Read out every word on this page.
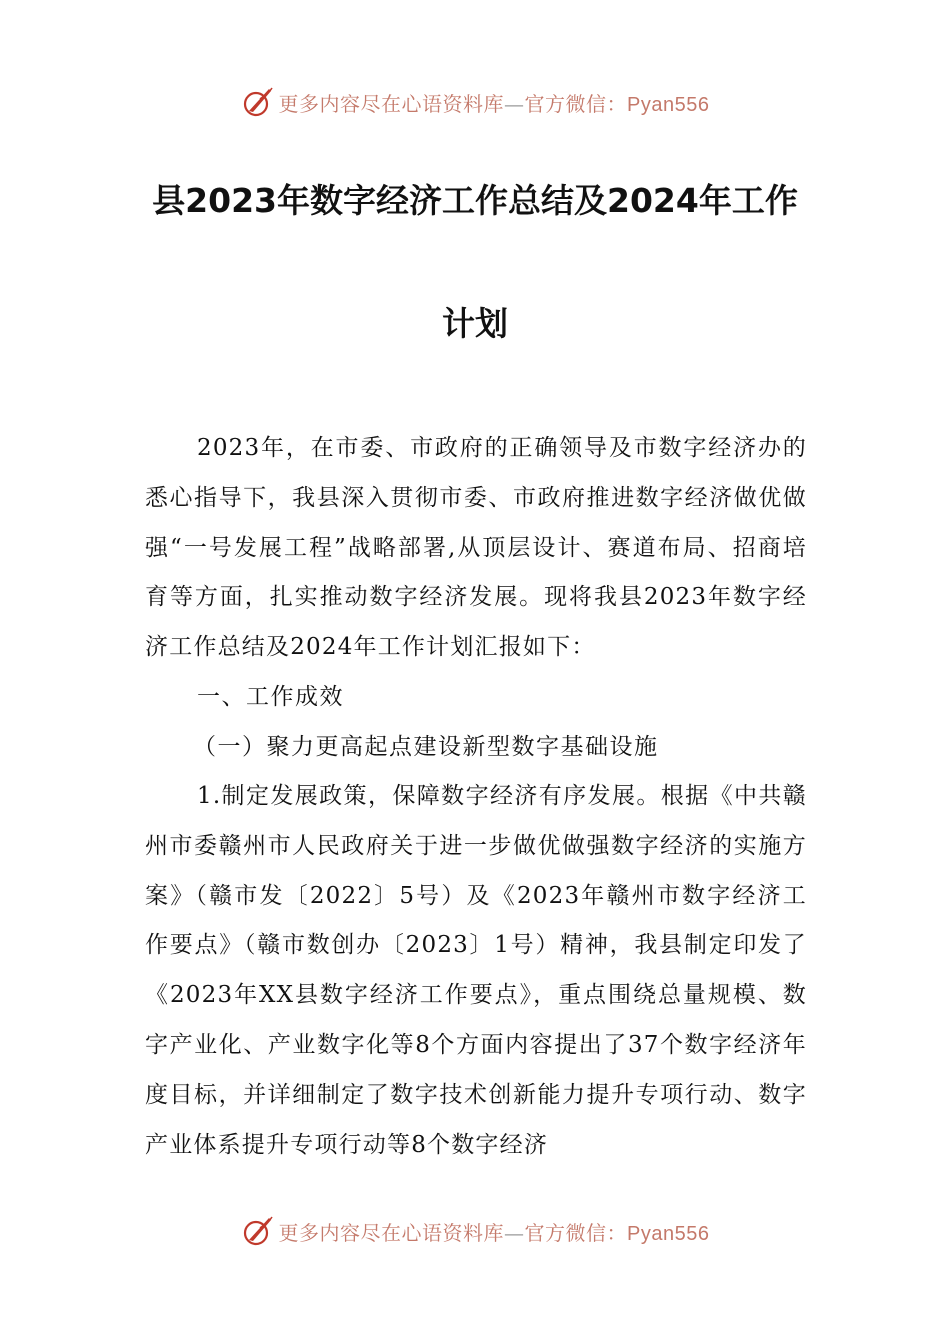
更多内容尽在心语资料库—官方微信：Pyan556
县2023年数字经济工作总结及2024年工作
计划

2023年，在市委、市政府的正确领导及市数字经济办的悉心指导下，我县深入贯彻市委、市政府推进数字经济做优做强“一号发展工程”战略部署,从顶层设计、赛道布局、招商培育等方面，扎实推动数字经济发展。现将我县2023年数字经济工作总结及2024年工作计划汇报如下：

一、工作成效

（一）聚力更高起点建设新型数字基础设施

1.制定发展政策，保障数字经济有序发展。根据《中共赣州市委赣州市人民政府关于进一步做优做强数字经济的实施方案》（赣市发〔2022〕5号）及《2023年赣州市数字经济工作要点》（赣市数创办〔2023〕1号）精神，我县制定印发了《2023年XX县数字经济工作要点》，重点围绕总量规模、数字产业化、产业数字化等8个方面内容提出了37个数字经济年度目标，并详细制定了数字技术创新能力提升专项行动、数字产业体系提升专项行动等8个数字经济

更多内容尽在心语资料库—官方微信：Pyan556
